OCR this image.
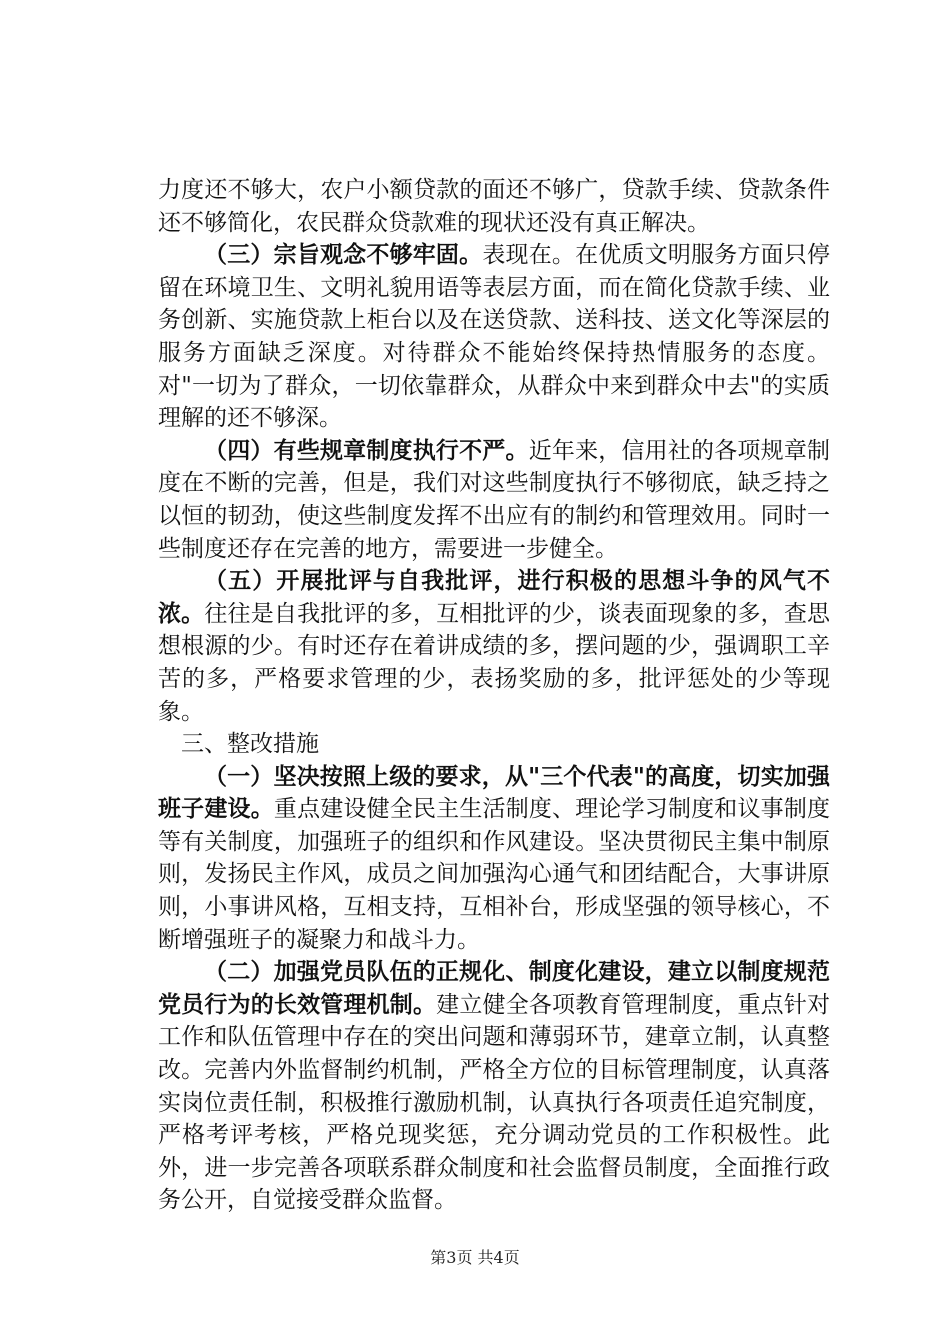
力度还不够大，农户小额贷款的面还不够广，贷款手续、贷款条件还不够简化，农民群众贷款难的现状还没有真正解决。

（三）宗旨观念不够牢固。表现在。在优质文明服务方面只停留在环境卫生、文明礼貌用语等表层方面，而在简化贷款手续、业务创新、实施贷款上柜台以及在送贷款、送科技、送文化等深层的服务方面缺乏深度。对待群众不能始终保持热情服务的态度。对"一切为了群众，一切依靠群众，从群众中来到群众中去"的实质理解的还不够深。

（四）有些规章制度执行不严。近年来，信用社的各项规章制度在不断的完善，但是，我们对这些制度执行不够彻底，缺乏持之以恒的韧劲，使这些制度发挥不出应有的制约和管理效用。同时一些制度还存在完善的地方，需要进一步健全。

（五）开展批评与自我批评，进行积极的思想斗争的风气不浓。往往是自我批评的多，互相批评的少，谈表面现象的多，查思想根源的少。有时还存在着讲成绩的多，摆问题的少，强调职工辛苦的多，严格要求管理的少，表扬奖励的多，批评惩处的少等现象。

三、整改措施

（一）坚决按照上级的要求，从"三个代表"的高度，切实加强班子建设。重点建设健全民主生活制度、理论学习制度和议事制度等有关制度，加强班子的组织和作风建设。坚决贯彻民主集中制原则，发扬民主作风，成员之间加强沟心通气和团结配合，大事讲原则，小事讲风格，互相支持，互相补台，形成坚强的领导核心，不断增强班子的凝聚力和战斗力。

（二）加强党员队伍的正规化、制度化建设，建立以制度规范党员行为的长效管理机制。建立健全各项教育管理制度，重点针对工作和队伍管理中存在的突出问题和薄弱环节，建章立制，认真整改。完善内外监督制约机制，严格全方位的目标管理制度，认真落实岗位责任制，积极推行激励机制，认真执行各项责任追究制度，严格考评考核，严格兑现奖惩，充分调动党员的工作积极性。此外，进一步完善各项联系群众制度和社会监督员制度，全面推行政务公开，自觉接受群众监督。

第3页 共4页
